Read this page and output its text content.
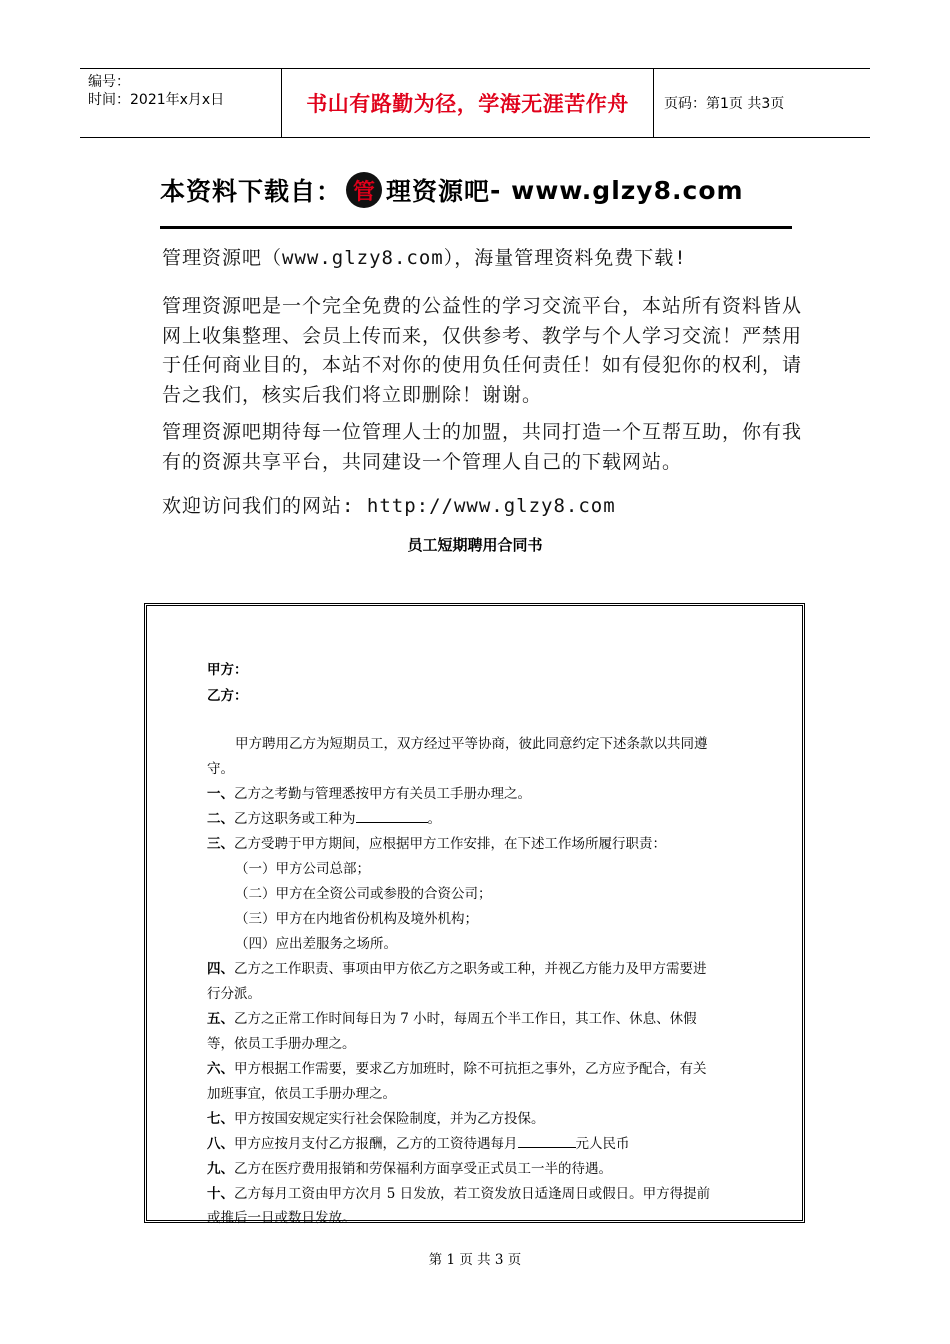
编号：
时间：2021年x月x日	书山有路勤为径，学海无涯苦作舟	页码：第1页 共3页
本资料下载自： 管 理资源吧 - www.glzy8.com
管理资源吧（www.glzy8.com），海量管理资料免费下载!
管理资源吧是一个完全免费的公益性的学习交流平台，本站所有资料皆从网上收集整理、会员上传而来，仅供参考、教学与个人学习交流！严禁用于任何商业目的，本站不对你的使用负任何责任！如有侵犯你的权利，请告之我们，核实后我们将立即删除！谢谢。
管理资源吧期待每一位管理人士的加盟，共同打造一个互帮互助，你有我有的资源共享平台，共同建设一个管理人自己的下载网站。
欢迎访问我们的网站: http://www.glzy8.com
员工短期聘用合同书
甲方：
乙方：
甲方聘用乙方为短期员工，双方经过平等协商，彼此同意约定下述条款以共同遵
守。
一、乙方之考勤与管理悉按甲方有关员工手册办理之。
二、乙方这职务或工种为	。
三、乙方受聘于甲方期间，应根据甲方工作安排，在下述工作场所履行职责：
（一）甲方公司总部；
（二）甲方在全资公司或参股的合资公司；
（三）甲方在内地省份机构及境外机构；
（四）应出差服务之场所。
四、乙方之工作职责、事项由甲方依乙方之职务或工种，并视乙方能力及甲方需要进
行分派。
五、乙方之正常工作时间每日为 7 小时，每周五个半工作日，其工作、休息、休假
等，依员工手册办理之。
六、甲方根据工作需要，要求乙方加班时，除不可抗拒之事外，乙方应予配合，有关
加班事宜，依员工手册办理之。
七、甲方按国安规定实行社会保险制度，并为乙方投保。
八、甲方应按月支付乙方报酬，乙方的工资待遇每月	元人民币
九、乙方在医疗费用报销和劳保福利方面享受正式员工一半的待遇。
十、乙方每月工资由甲方次月 5 日发放，若工资发放日适逢周日或假日。甲方得提前
或推后一日或数日发放。
第 1 页 共 3 页
